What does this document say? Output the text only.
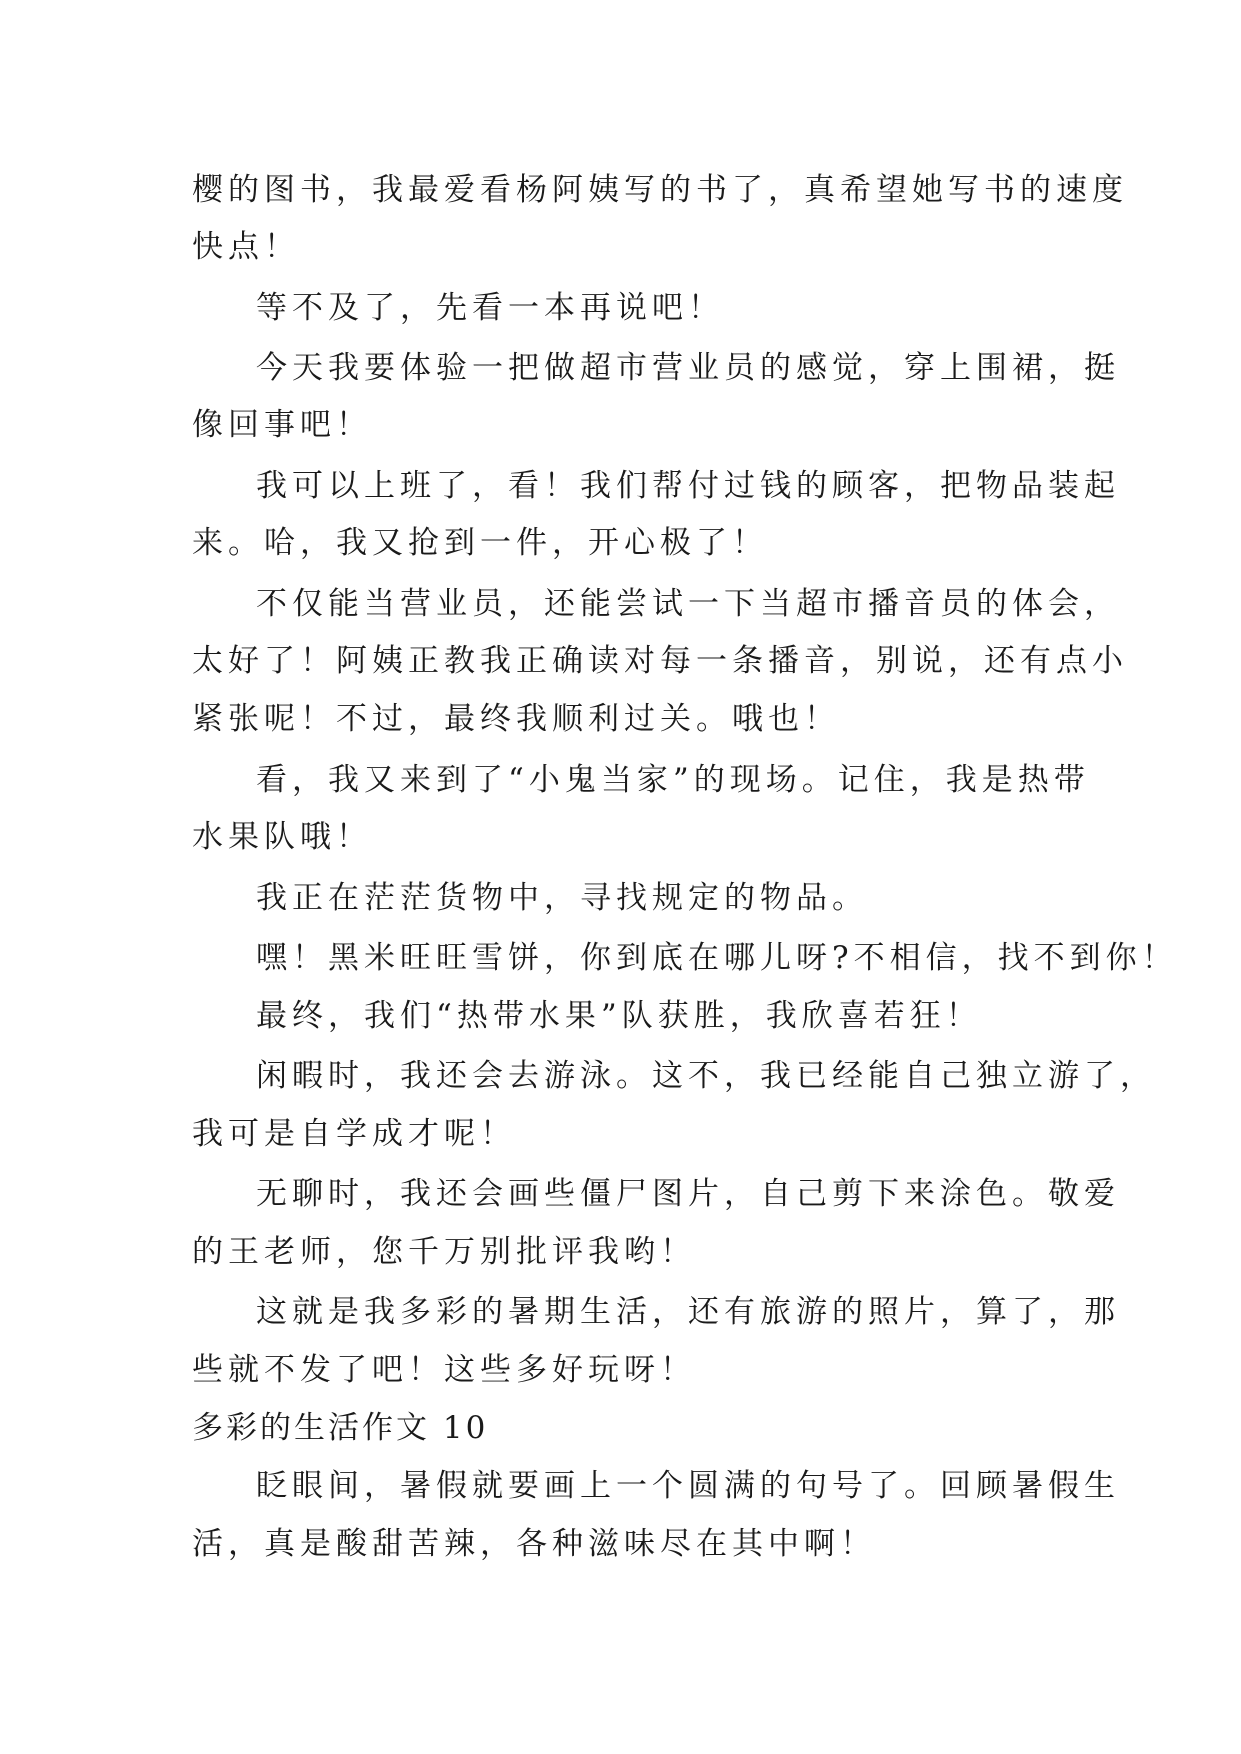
樱的图书，我最爱看杨阿姨写的书了，真希望她写书的速度
快点！
等不及了，先看一本再说吧！
今天我要体验一把做超市营业员的感觉，穿上围裙，挺
像回事吧！
我可以上班了，看！我们帮付过钱的顾客，把物品装起
来。哈，我又抢到一件，开心极了！
不仅能当营业员，还能尝试一下当超市播音员的体会，
太好了！阿姨正教我正确读对每一条播音，别说，还有点小
紧张呢！不过，最终我顺利过关。哦也！
看，我又来到了“小鬼当家”的现场。记住，我是热带
水果队哦！
我正在茫茫货物中，寻找规定的物品。
嘿！黑米旺旺雪饼，你到底在哪儿呀?不相信，找不到你！
最终，我们“热带水果”队获胜，我欣喜若狂！
闲暇时，我还会去游泳。这不，我已经能自己独立游了，
我可是自学成才呢！
无聊时，我还会画些僵尸图片，自己剪下来涂色。敬爱
的王老师，您千万别批评我哟！
这就是我多彩的暑期生活，还有旅游的照片，算了，那
些就不发了吧！这些多好玩呀！
多彩的生活作文 10
眨眼间，暑假就要画上一个圆满的句号了。回顾暑假生
活，真是酸甜苦辣，各种滋味尽在其中啊！
